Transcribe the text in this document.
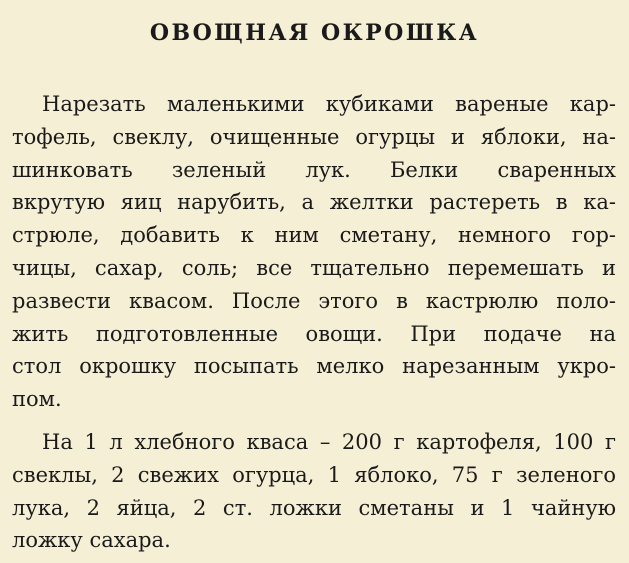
ОВОЩНАЯ ОКРОШКА
Нарезать маленькими кубиками вареные кар-
тофель, свеклу, очищенные огурцы и яблоки, на-
шинковать зеленый лук. Белки сваренных
вкрутую яиц нарубить, а желтки растереть в ка-
стрюле, добавить к ним сметану, немного гор-
чицы, сахар, соль; все тщательно перемешать и
развести квасом. После этого в кастрюлю поло-
жить подготовленные овощи. При подаче на
стол окрошку посыпать мелко нарезанным укро-
пом.
На 1 л хлебного кваса – 200 г картофеля, 100 г
свеклы, 2 свежих огурца, 1 яблоко, 75 г зеленого
лука, 2 яйца, 2 ст. ложки сметаны и 1 чайную
ложку сахара.
